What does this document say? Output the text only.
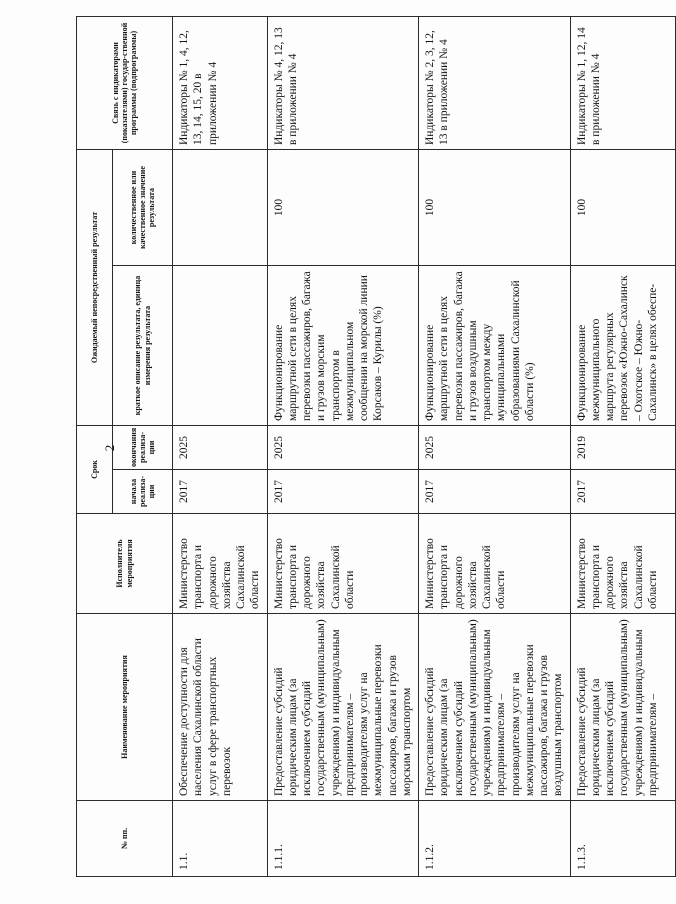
2
№ пп.	Наименование мероприятия	Исполнитель мероприятия	Срок		Ожидаемый непосредственный результат		Связь с индикаторами (показателями) государ-ственной программы (подпрограммы)
			начала реализа-ции	окончания реализа-ции	краткое описание результата, единица измерения результата	количественное или качественное значение результата	
1.1.	Обеспечение доступности для населения Сахалинской области услуг в сфере транспортных перевозок	Министерство транспорта и дорожного хозяйства Сахалинской области	2017	2025			Индикаторы № 1, 4, 12, 13, 14, 15, 20 в приложении № 4
1.1.1.	Предоставление субсидий юридическим лицам (за исключением субсидий государственным (муниципальным) учреждениям) и индивидуальным предпринимателям – производителям услуг на межмуниципальные перевозки пассажиров, багажа и грузов морским транспортом	Министерство транспорта и дорожного хозяйства Сахалинской области	2017	2025	Функционирование маршрутной сети в целях перевозки пассажиров, багажа и грузов морским транспортом в межмуниципальном сообщении на морской линии Корсаков – Курилы (%)	100	Индикаторы № 4, 12, 13 в приложении № 4
1.1.2.	Предоставление субсидий юридическим лицам (за исключением субсидий государственным (муниципальным) учреждениям) и индивидуальным предпринимателям – производителям услуг на межмуниципальные перевозки пассажиров, багажа и грузов воздушным транспортом	Министерство транспорта и дорожного хозяйства Сахалинской области	2017	2025	Функционирование маршрутной сети в целях перевозки пассажиров, багажа и грузов воздушным транспортом между муниципальными образованиями Сахалинской области (%)	100	Индикаторы № 2, 3, 12, 13 в приложении № 4
1.1.3.	Предоставление субсидий юридическим лицам (за исключением субсидий государственным (муниципальным) учреждениям) и индивидуальным предпринимателям –	Министерство транспорта и дорожного хозяйства Сахалинской области	2017	2019	Функционирование межмуниципального маршрута регулярных перевозок «Южно-Сахалинск – Охотское – Южно-Сахалинск» в целях обеспе-	100	Индикаторы № 1, 12, 14 в приложении № 4
